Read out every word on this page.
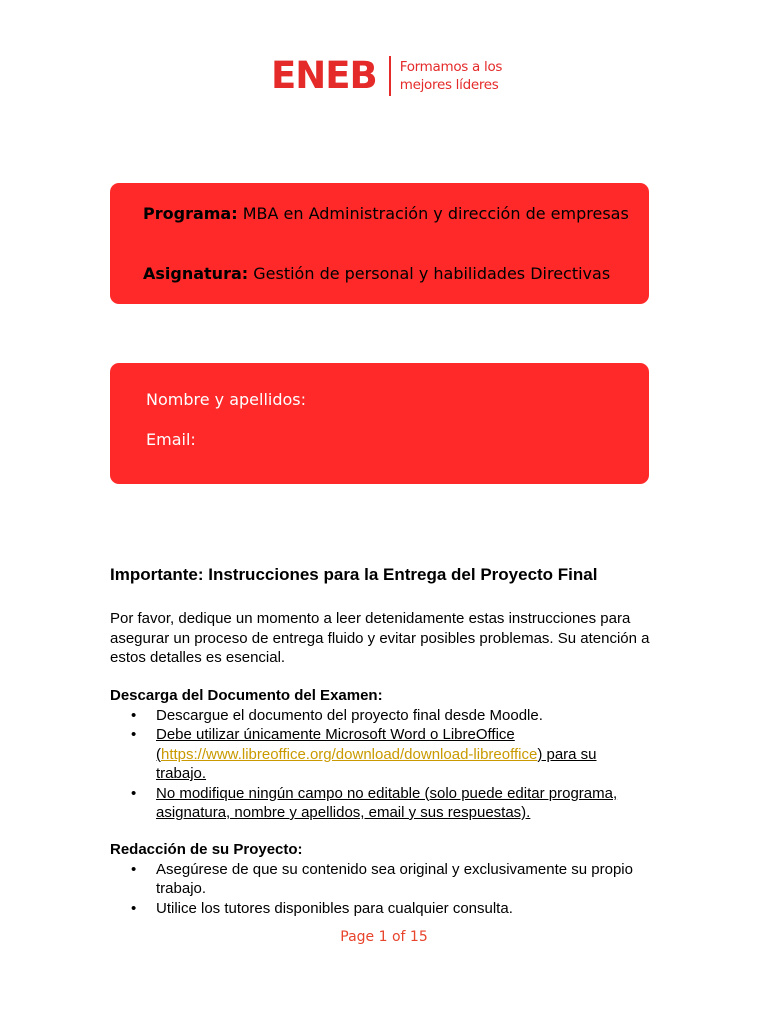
ENEB Formamos a los
mejores líderes
Programa: MBA en Administración y dirección de empresas
Asignatura: Gestión de personal y habilidades Directivas
Nombre y apellidos:
Email:
Importante: Instrucciones para la Entrega del Proyecto Final
Por favor, dedique un momento a leer detenidamente estas instrucciones para asegurar un proceso de entrega fluido y evitar posibles problemas. Su atención a estos detalles es esencial.
Descarga del Documento del Examen:
• Descargue el documento del proyecto final desde Moodle.
• Debe utilizar únicamente Microsoft Word o LibreOffice (https://www.libreoffice.org/download/download-libreoffice) para su trabajo.
• No modifique ningún campo no editable (solo puede editar programa, asignatura, nombre y apellidos, email y sus respuestas).
Redacción de su Proyecto:
• Asegúrese de que su contenido sea original y exclusivamente su propio trabajo.
• Utilice los tutores disponibles para cualquier consulta.
Page 1 of 15
